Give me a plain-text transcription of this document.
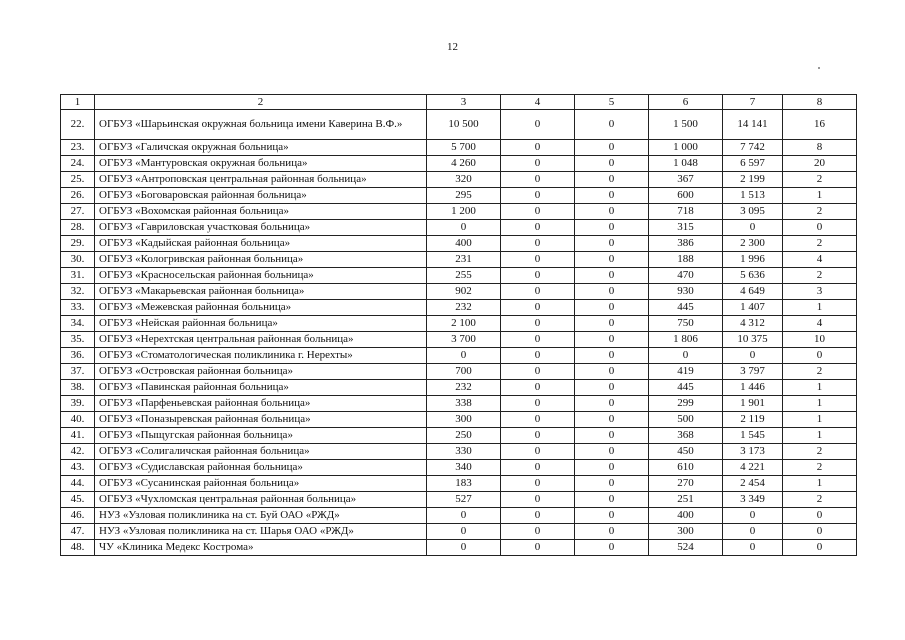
12
1	2	3	4	5	6	7	8
22.	ОГБУЗ «Шарьинская окружная больница имени Каверина В.Ф.»	10 500	0	0	1 500	14 141	16
23.	ОГБУЗ «Галичская окружная больница»	5 700	0	0	1 000	7 742	8
24.	ОГБУЗ «Мантуровская окружная больница»	4 260	0	0	1 048	6 597	20
25.	ОГБУЗ «Антроповская центральная районная больница»	320	0	0	367	2 199	2
26.	ОГБУЗ «Боговаровская районная больница»	295	0	0	600	1 513	1
27.	ОГБУЗ «Вохомская районная больница»	1 200	0	0	718	3 095	2
28.	ОГБУЗ «Гавриловская участковая больница»	0	0	0	315	0	0
29.	ОГБУЗ «Кадыйская районная больница»	400	0	0	386	2 300	2
30.	ОГБУЗ «Кологривская районная больница»	231	0	0	188	1 996	4
31.	ОГБУЗ «Красносельская районная больница»	255	0	0	470	5 636	2
32.	ОГБУЗ «Макарьевская районная больница»	902	0	0	930	4 649	3
33.	ОГБУЗ «Межевская районная больница»	232	0	0	445	1 407	1
34.	ОГБУЗ «Нейская районная больница»	2 100	0	0	750	4 312	4
35.	ОГБУЗ «Нерехтская центральная районная больница»	3 700	0	0	1 806	10 375	10
36.	ОГБУЗ «Стоматологическая поликлиника г. Нерехты»	0	0	0	0	0	0
37.	ОГБУЗ «Островская районная больница»	700	0	0	419	3 797	2
38.	ОГБУЗ «Павинская районная больница»	232	0	0	445	1 446	1
39.	ОГБУЗ «Парфеньевская районная больница»	338	0	0	299	1 901	1
40.	ОГБУЗ «Поназыревская районная больница»	300	0	0	500	2 119	1
41.	ОГБУЗ «Пыщугская районная больница»	250	0	0	368	1 545	1
42.	ОГБУЗ «Солигаличская районная больница»	330	0	0	450	3 173	2
43.	ОГБУЗ «Судиславская районная больница»	340	0	0	610	4 221	2
44.	ОГБУЗ «Сусанинская районная больница»	183	0	0	270	2 454	1
45.	ОГБУЗ «Чухломская центральная районная больница»	527	0	0	251	3 349	2
46.	НУЗ «Узловая поликлиника на ст. Буй ОАО «РЖД»	0	0	0	400	0	0
47.	НУЗ «Узловая поликлиника на ст. Шарья ОАО «РЖД»	0	0	0	300	0	0
48.	ЧУ «Клиника Медекс Кострома»	0	0	0	524	0	0
